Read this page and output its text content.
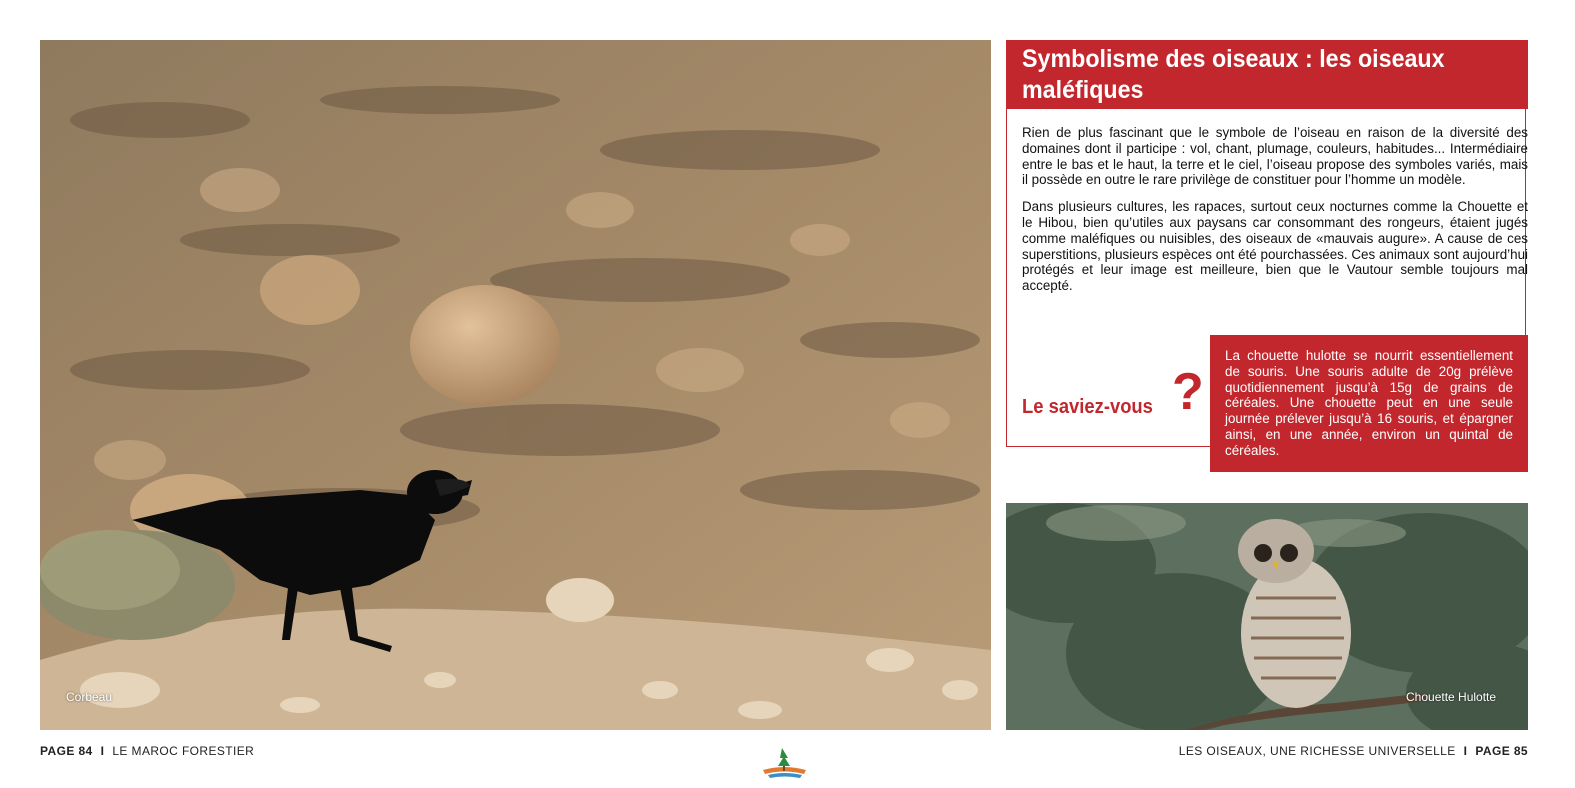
Corbeau
Symbolisme des oiseaux : les oiseaux maléfiques

Rien de plus fascinant que le symbole de l’oiseau en raison de la diversité des domaines dont il participe : vol, chant, plumage, couleurs, habitudes... Intermédiaire entre le bas et le haut, la terre et le ciel, l’oiseau propose des symboles variés, mais il possède en outre le rare privilège de constituer pour l’homme un modèle.

Dans plusieurs cultures, les rapaces, surtout ceux nocturnes comme la Chouette et le Hibou, bien qu’utiles aux paysans car consommant des rongeurs, étaient jugés comme maléfiques ou nuisibles, des oiseaux de «mauvais augure». A cause de ces superstitions, plusieurs espèces ont été pourchassées. Ces animaux sont aujourd’hui protégés et leur image est meilleure, bien que le Vautour semble toujours mal accepté.

Le saviez-vous ?
La chouette hulotte se nourrit essentiellement de souris. Une souris adulte de 20g prélève quotidiennement jusqu’à 15g de grains de céréales. Une chouette peut en une seule journée prélever jusqu’à 16 souris, et épargner ainsi, en une année, environ un quintal de céréales.
Chouette Hulotte
PAGE 84 I LE MAROC FORESTIER	LES OISEAUX, UNE RICHESSE UNIVERSELLE I PAGE 85
